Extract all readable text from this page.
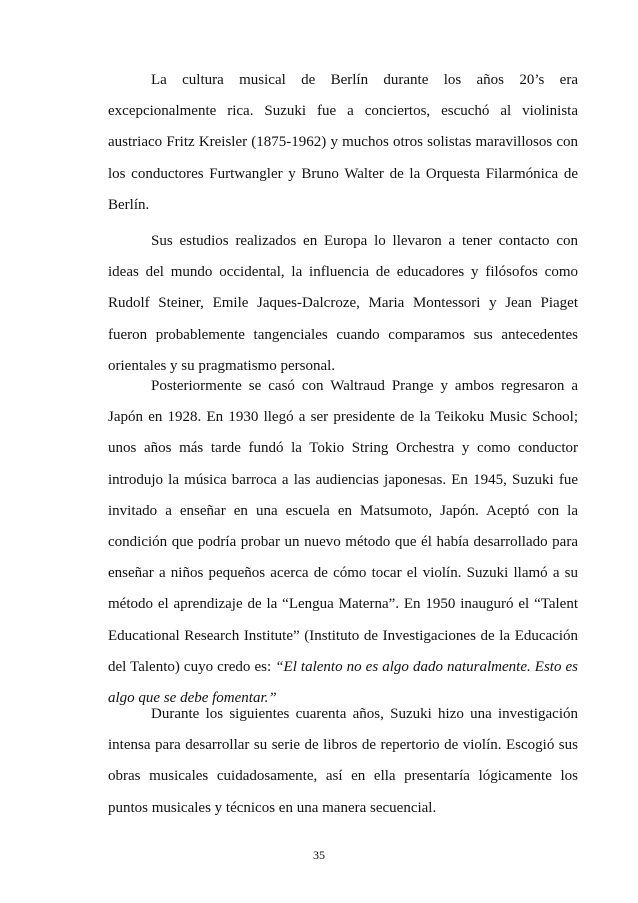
La cultura musical de Berlín durante los años 20’s era excepcionalmente rica. Suzuki fue a conciertos, escuchó al violinista austriaco Fritz Kreisler (1875-1962) y muchos otros solistas maravillosos con los conductores Furtwangler y Bruno Walter de la Orquesta Filarmónica de Berlín.

Sus estudios realizados en Europa lo llevaron a tener contacto con ideas del mundo occidental, la influencia de educadores y filósofos como Rudolf Steiner, Emile Jaques-Dalcroze, Maria Montessori y Jean Piaget fueron probablemente tangenciales cuando comparamos sus antecedentes orientales y su pragmatismo personal.

Posteriormente se casó con Waltraud Prange y ambos regresaron a Japón en 1928. En 1930 llegó a ser presidente de la Teikoku Music School; unos años más tarde fundó la Tokio String Orchestra y como conductor introdujo la música barroca a las audiencias japonesas. En 1945, Suzuki fue invitado a enseñar en una escuela en Matsumoto, Japón. Aceptó con la condición que podría probar un nuevo método que él había desarrollado para enseñar a niños pequeños acerca de cómo tocar el violín. Suzuki llamó a su método el aprendizaje de la “Lengua Materna”. En 1950 inauguró el “Talent Educational Research Institute” (Instituto de Investigaciones de la Educación del Talento) cuyo credo es: “El talento no es algo dado naturalmente. Esto es algo que se debe fomentar.”

Durante los siguientes cuarenta años, Suzuki hizo una investigación intensa para desarrollar su serie de libros de repertorio de violín. Escogió sus obras musicales cuidadosamente, así en ella presentaría lógicamente los puntos musicales y técnicos en una manera secuencial.

35
